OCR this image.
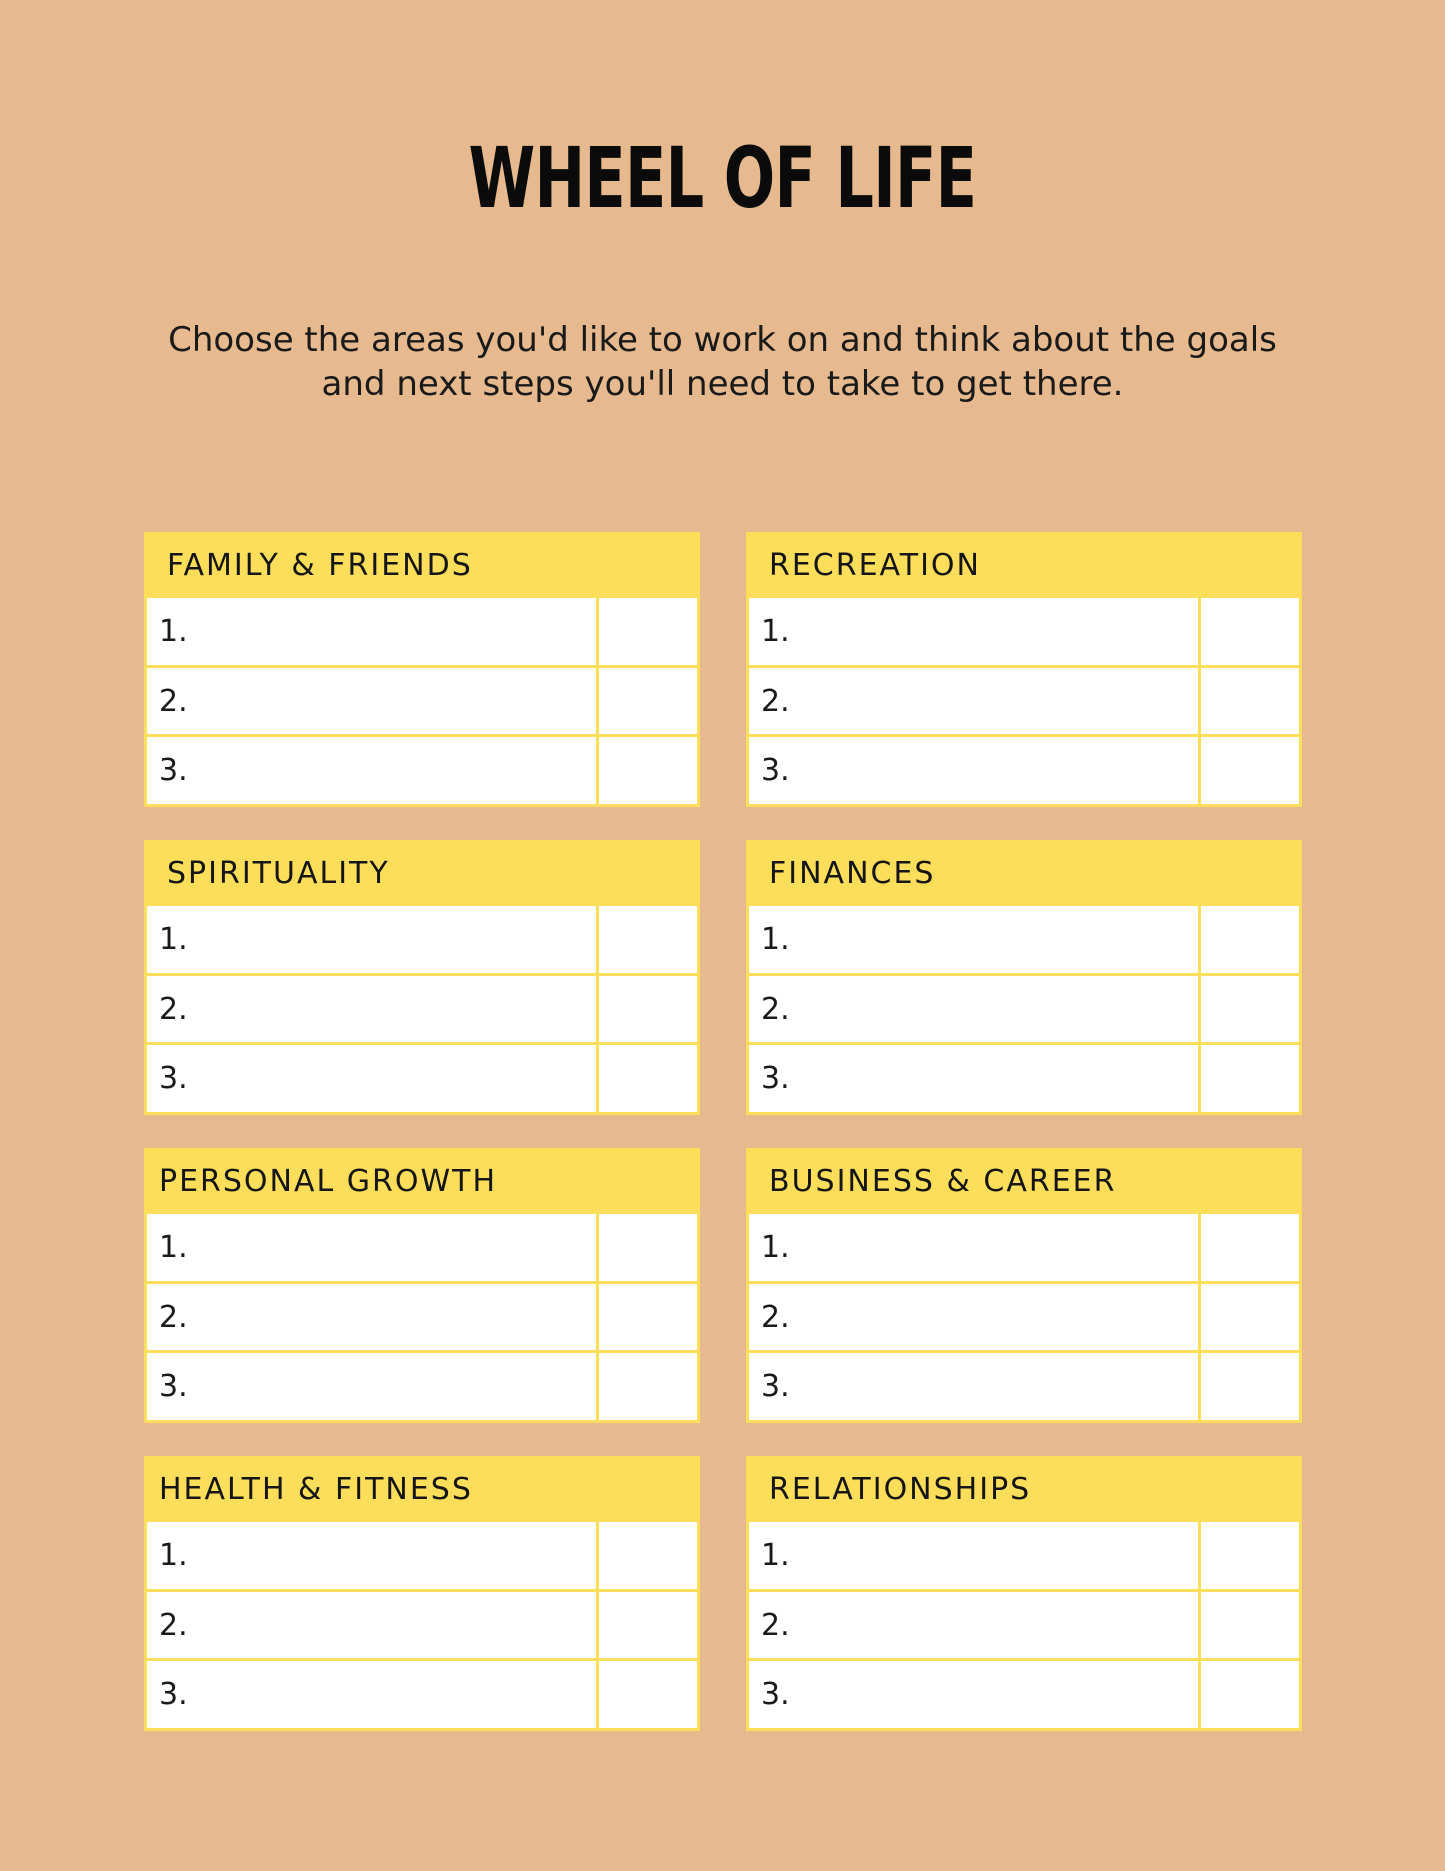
WHEEL OF LIFE
Choose the areas you'd like to work on and think about the goals and next steps you'll need to take to get there.
FAMILY & FRIENDS
1.
2.
3.
RECREATION
1.
2.
3.
SPIRITUALITY
1.
2.
3.
FINANCES
1.
2.
3.
PERSONAL GROWTH
1.
2.
3.
BUSINESS & CAREER
1.
2.
3.
HEALTH & FITNESS
1.
2.
3.
RELATIONSHIPS
1.
2.
3.
